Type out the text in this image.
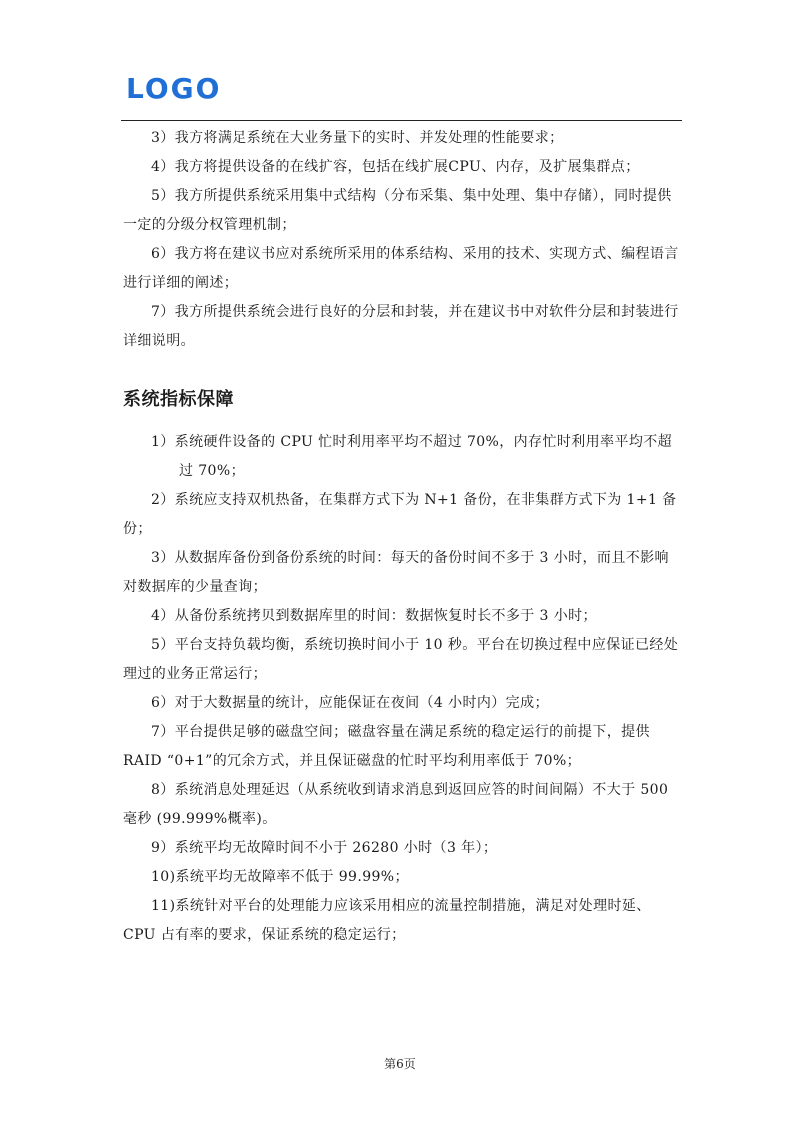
LOGO

3）我方将满足系统在大业务量下的实时、并发处理的性能要求；

4）我方将提供设备的在线扩容，包括在线扩展CPU、内存，及扩展集群点；

5）我方所提供系统采用集中式结构（分布采集、集中处理、集中存储），同时提供一定的分级分权管理机制；

6）我方将在建议书应对系统所采用的体系结构、采用的技术、实现方式、编程语言进行详细的阐述；

7）我方所提供系统会进行良好的分层和封装，并在建议书中对软件分层和封装进行详细说明。

系统指标保障

1）系统硬件设备的 CPU 忙时利用率平均不超过 70%，内存忙时利用率平均不超过 70%；

2）系统应支持双机热备，在集群方式下为 N+1 备份，在非集群方式下为 1+1 备份；

3）从数据库备份到备份系统的时间：每天的备份时间不多于 3 小时，而且不影响对数据库的少量查询；

4）从备份系统拷贝到数据库里的时间：数据恢复时长不多于 3 小时；

5）平台支持负载均衡，系统切换时间小于 10 秒。平台在切换过程中应保证已经处理过的业务正常运行；

6）对于大数据量的统计，应能保证在夜间（4 小时内）完成；

7）平台提供足够的磁盘空间；磁盘容量在满足系统的稳定运行的前提下，提供 RAID “0+1”的冗余方式，并且保证磁盘的忙时平均利用率低于 70%；

8）系统消息处理延迟（从系统收到请求消息到返回应答的时间间隔）不大于 500 毫秒 (99.999%概率)。

9）系统平均无故障时间不小于 26280 小时（3 年）；

10)系统平均无故障率不低于 99.99%；

11)系统针对平台的处理能力应该采用相应的流量控制措施，满足对处理时延、CPU 占有率的要求，保证系统的稳定运行；

第6页
